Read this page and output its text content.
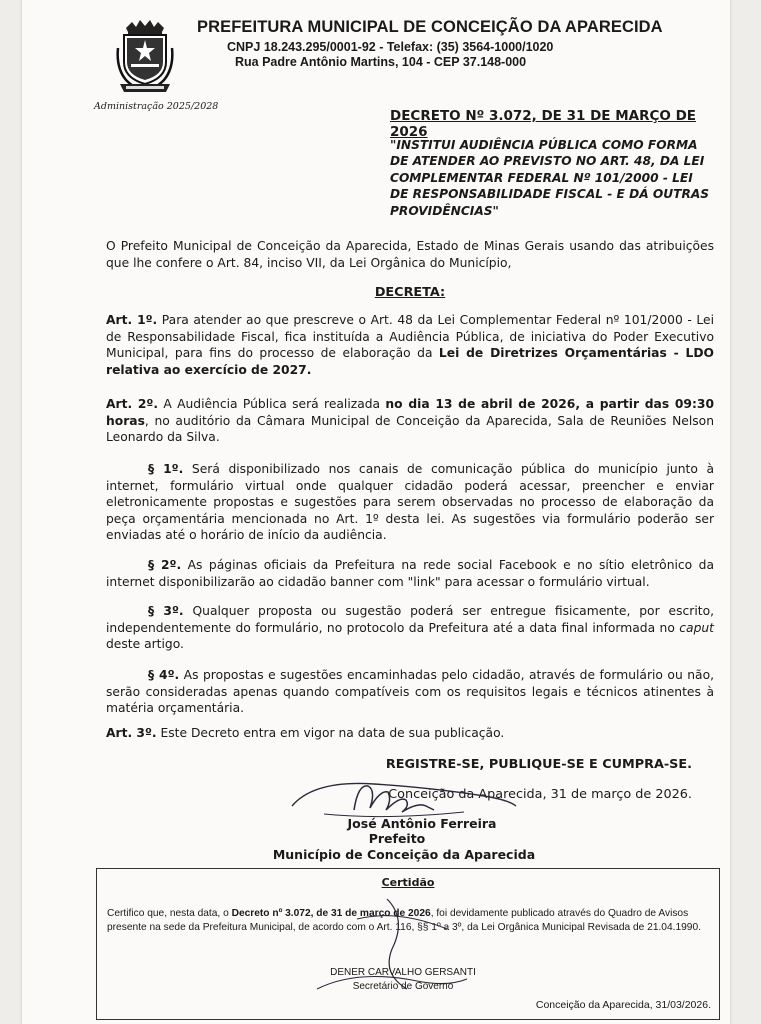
PREFEITURA MUNICIPAL DE CONCEIÇÃO DA APARECIDA
CNPJ 18.243.295/0001-92 - Telefax: (35) 3564-1000/1020
Rua Padre Antônio Martins, 104 - CEP 37.148-000
Administração 2025/2028
DECRETO Nº 3.072, DE 31 DE MARÇO DE 2026
"INSTITUI AUDIÊNCIA PÚBLICA COMO FORMA DE ATENDER AO PREVISTO NO ART. 48, DA LEI COMPLEMENTAR FEDERAL Nº 101/2000 - LEI DE RESPONSABILIDADE FISCAL - E DÁ OUTRAS PROVIDÊNCIAS"
O Prefeito Municipal de Conceição da Aparecida, Estado de Minas Gerais usando das atribuições que lhe confere o Art. 84, inciso VII, da Lei Orgânica do Município,
DECRETA:
Art. 1º. Para atender ao que prescreve o Art. 48 da Lei Complementar Federal nº 101/2000 - Lei de Responsabilidade Fiscal, fica instituída a Audiência Pública, de iniciativa do Poder Executivo Municipal, para fins do processo de elaboração da Lei de Diretrizes Orçamentárias - LDO relativa ao exercício de 2027.
Art. 2º. A Audiência Pública será realizada no dia 13 de abril de 2026, a partir das 09:30 horas, no auditório da Câmara Municipal de Conceição da Aparecida, Sala de Reuniões Nelson Leonardo da Silva.
§ 1º. Será disponibilizado nos canais de comunicação pública do município junto à internet, formulário virtual onde qualquer cidadão poderá acessar, preencher e enviar eletronicamente propostas e sugestões para serem observadas no processo de elaboração da peça orçamentária mencionada no Art. 1º desta lei. As sugestões via formulário poderão ser enviadas até o horário de início da audiência.
§ 2º. As páginas oficiais da Prefeitura na rede social Facebook e no sítio eletrônico da internet disponibilizarão ao cidadão banner com "link" para acessar o formulário virtual.
§ 3º. Qualquer proposta ou sugestão poderá ser entregue fisicamente, por escrito, independentemente do formulário, no protocolo da Prefeitura até a data final informada no caput deste artigo.
§ 4º. As propostas e sugestões encaminhadas pelo cidadão, através de formulário ou não, serão consideradas apenas quando compatíveis com os requisitos legais e técnicos atinentes à matéria orçamentária.
Art. 3º. Este Decreto entra em vigor na data de sua publicação.
REGISTRE-SE, PUBLIQUE-SE E CUMPRA-SE.
Conceição da Aparecida, 31 de março de 2026.
José Antônio Ferreira
Prefeito
Município de Conceição da Aparecida
Certidão
Certifico que, nesta data, o Decreto nº 3.072, de 31 de março de 2026, foi devidamente publicado através do Quadro de Avisos presente na sede da Prefeitura Municipal, de acordo com o Art. 116, §§ 1º a 3º, da Lei Orgânica Municipal Revisada de 21.04.1990.
DENER CARVALHO GERSANTI
Secretário de Governo
Conceição da Aparecida, 31/03/2026.
